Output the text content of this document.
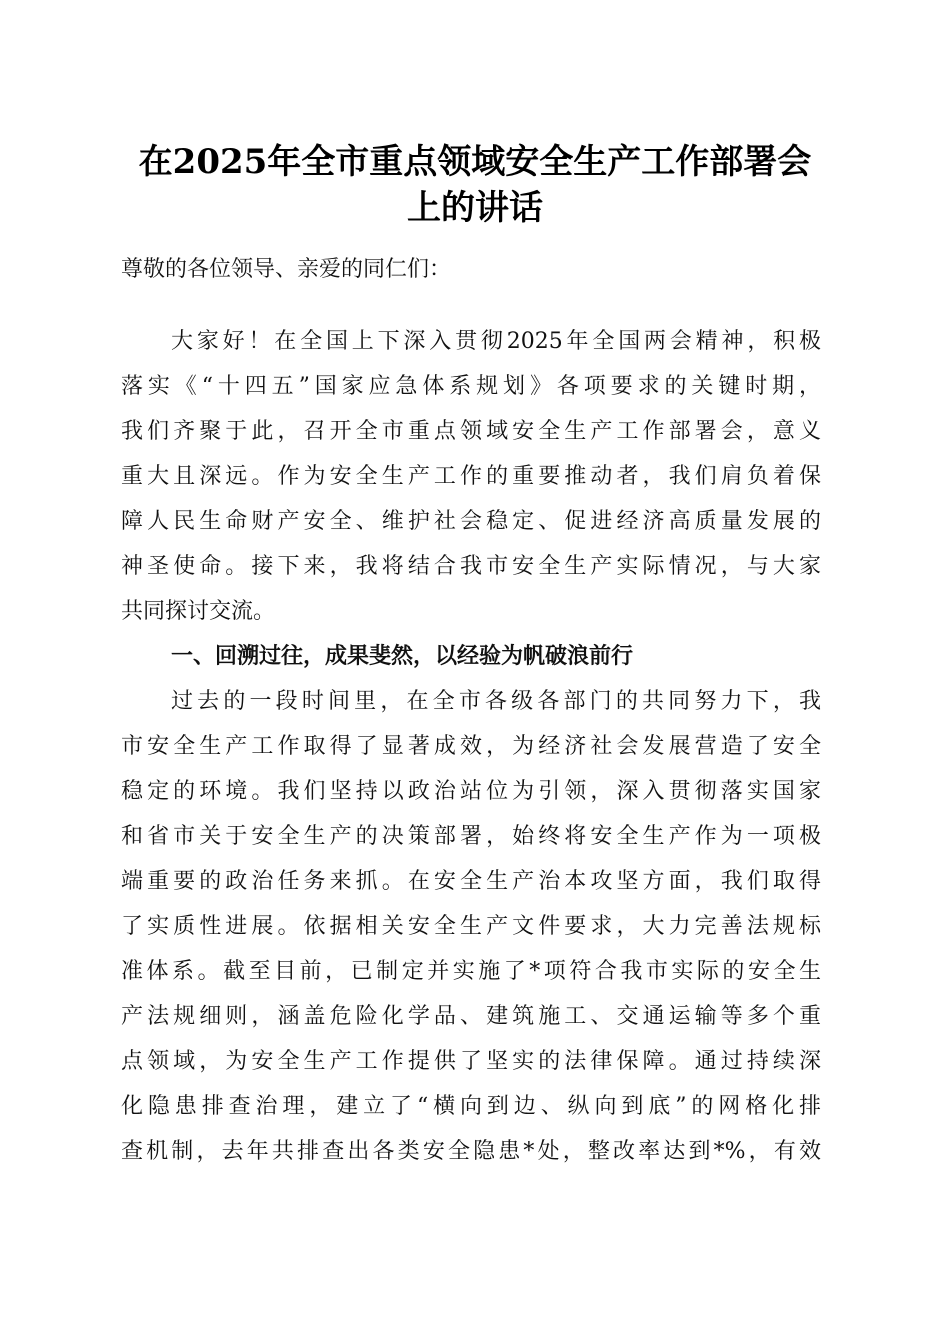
在2025年全市重点领域安全生产工作部署会
上的讲话
尊敬的各位领导、亲爱的同仁们：
大家好！在全国上下深入贯彻2025年全国两会精神，积极
落实《“十四五”国家应急体系规划》各项要求的关键时期，
我们齐聚于此，召开全市重点领域安全生产工作部署会，意义
重大且深远。作为安全生产工作的重要推动者，我们肩负着保
障人民生命财产安全、维护社会稳定、促进经济高质量发展的
神圣使命。接下来，我将结合我市安全生产实际情况，与大家
共同探讨交流。
一、回溯过往，成果斐然，以经验为帆破浪前行
过去的一段时间里，在全市各级各部门的共同努力下，我
市安全生产工作取得了显著成效，为经济社会发展营造了安全
稳定的环境。我们坚持以政治站位为引领，深入贯彻落实国家
和省市关于安全生产的决策部署，始终将安全生产作为一项极
端重要的政治任务来抓。在安全生产治本攻坚方面，我们取得
了实质性进展。依据相关安全生产文件要求，大力完善法规标
准体系。截至目前，已制定并实施了*项符合我市实际的安全生
产法规细则，涵盖危险化学品、建筑施工、交通运输等多个重
点领域，为安全生产工作提供了坚实的法律保障。通过持续深
化隐患排查治理，建立了“横向到边、纵向到底”的网格化排
查机制，去年共排查出各类安全隐患*处，整改率达到*%，有效
